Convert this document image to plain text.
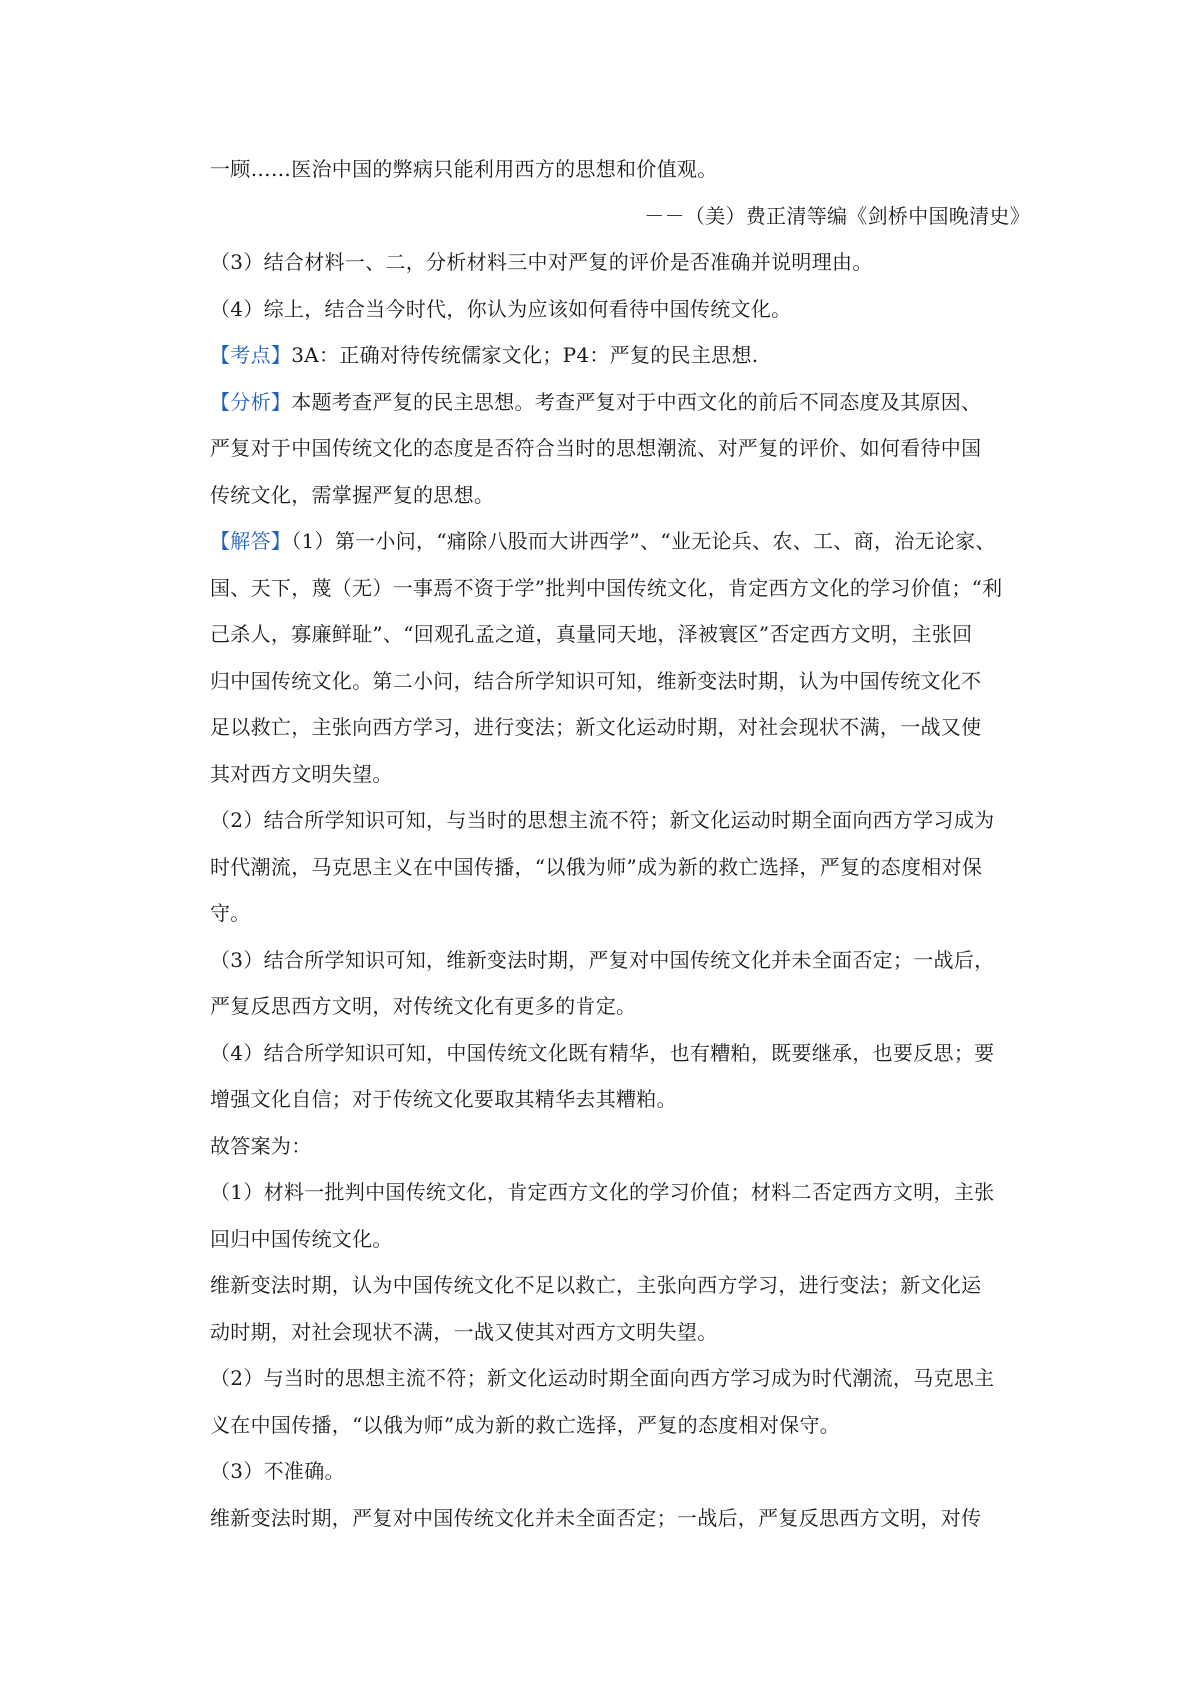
一顾……医治中国的弊病只能利用西方的思想和价值观。
－－（美）费正清等编《剑桥中国晚清史》
（3）结合材料一、二，分析材料三中对严复的评价是否准确并说明理由。
（4）综上，结合当今时代，你认为应该如何看待中国传统文化。
【考点】3A：正确对待传统儒家文化；P4：严复的民主思想.
【分析】本题考查严复的民主思想。考查严复对于中西文化的前后不同态度及其原因、
严复对于中国传统文化的态度是否符合当时的思想潮流、对严复的评价、如何看待中国
传统文化，需掌握严复的思想。
【解答】（1）第一小问，“痛除八股而大讲西学”、“业无论兵、农、工、商，治无论家、
国、天下，蔑（无）一事焉不资于学”批判中国传统文化，肯定西方文化的学习价值；“利
己杀人，寡廉鲜耻”、“回观孔孟之道，真量同天地，泽被寰区”否定西方文明，主张回
归中国传统文化。第二小问，结合所学知识可知，维新变法时期，认为中国传统文化不
足以救亡，主张向西方学习，进行变法；新文化运动时期，对社会现状不满，一战又使
其对西方文明失望。
（2）结合所学知识可知，与当时的思想主流不符；新文化运动时期全面向西方学习成为
时代潮流，马克思主义在中国传播，“以俄为师”成为新的救亡选择，严复的态度相对保
守。
（3）结合所学知识可知，维新变法时期，严复对中国传统文化并未全面否定；一战后，
严复反思西方文明，对传统文化有更多的肯定。
（4）结合所学知识可知，中国传统文化既有精华，也有糟粕，既要继承，也要反思；要
增强文化自信；对于传统文化要取其精华去其糟粕。
故答案为：
（1）材料一批判中国传统文化，肯定西方文化的学习价值；材料二否定西方文明，主张
回归中国传统文化。
维新变法时期，认为中国传统文化不足以救亡，主张向西方学习，进行变法；新文化运
动时期，对社会现状不满，一战又使其对西方文明失望。
（2）与当时的思想主流不符；新文化运动时期全面向西方学习成为时代潮流，马克思主
义在中国传播，“以俄为师”成为新的救亡选择，严复的态度相对保守。
（3）不准确。
维新变法时期，严复对中国传统文化并未全面否定；一战后，严复反思西方文明，对传
